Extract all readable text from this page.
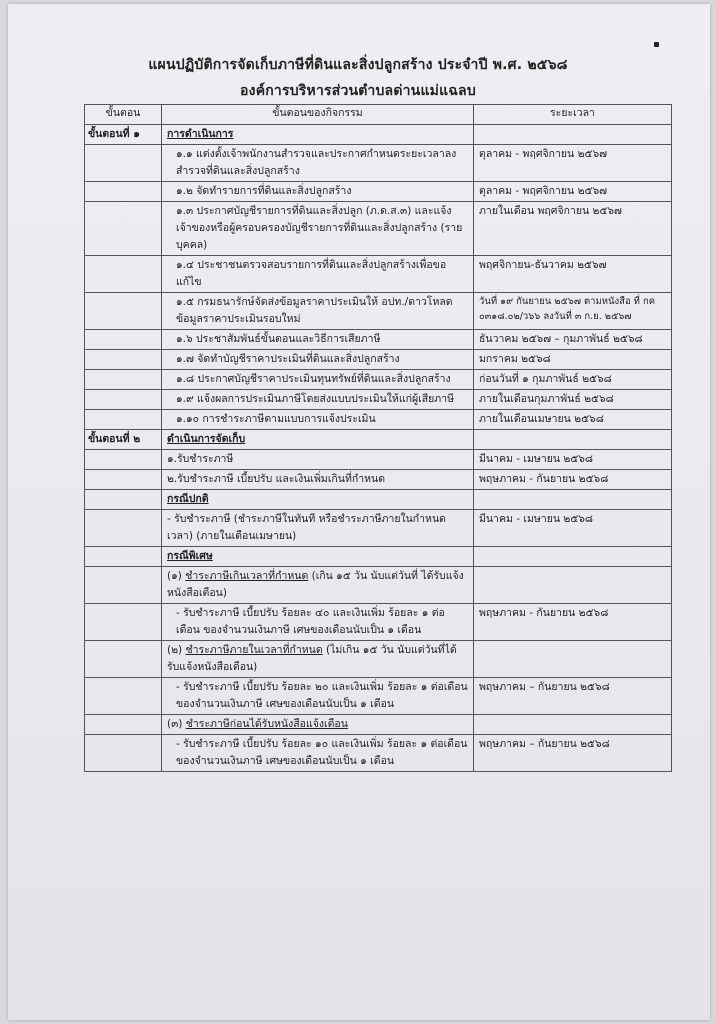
แผนปฏิบัติการจัดเก็บภาษีที่ดินและสิ่งปลูกสร้าง ประจำปี พ.ศ. ๒๕๖๘
องค์การบริหารส่วนตำบลด่านแม่แฉลบ
ขั้นตอน	ขั้นตอนของกิจกรรม	ระยะเวลา
ขั้นตอนที่ ๑	การดำเนินการ	
	๑.๑ แต่งตั้งเจ้าพนักงานสำรวจและประกาศกำหนดระยะเวลาลงสำรวจที่ดินและสิ่งปลูกสร้าง	ตุลาคม - พฤศจิกายน ๒๕๖๗
	๑.๒ จัดทำรายการที่ดินและสิ่งปลูกสร้าง	ตุลาคม - พฤศจิกายน ๒๕๖๗
	๑.๓ ประกาศบัญชีรายการที่ดินและสิ่งปลูก (ภ.ด.ส.๓) และแจ้งเจ้าของหรือผู้ครอบครองบัญชีรายการที่ดินและสิ่งปลูกสร้าง (รายบุคคล)	ภายในเดือน พฤศจิกายน ๒๕๖๗
	๑.๔ ประชาชนตรวจสอบรายการที่ดินและสิ่งปลูกสร้างเพื่อขอแก้ไข	พฤศจิกายน-ธันวาคม ๒๕๖๗
	๑.๕ กรมธนารักษ์จัดส่งข้อมูลราคาประเมินให้ อปท./ดาวโหลดข้อมูลราคาประเมินรอบใหม่	วันที่ ๑๙ กันยายน ๒๕๖๗ ตามหนังสือ ที่ กค ๐๓๑๘.๐๒/ว๖๖ ลงวันที่ ๓ ก.ย. ๒๕๖๗
	๑.๖ ประชาสัมพันธ์ขั้นตอนและวิธีการเสียภาษี	ธันวาคม ๒๕๖๗ – กุมภาพันธ์ ๒๕๖๘
	๑.๗ จัดทำบัญชีราคาประเมินที่ดินและสิ่งปลูกสร้าง	มกราคม ๒๕๖๘
	๑.๘ ประกาศบัญชีราคาประเมินทุนทรัพย์ที่ดินและสิ่งปลูกสร้าง	ก่อนวันที่ ๑ กุมภาพันธ์ ๒๕๖๘
	๑.๙ แจ้งผลการประเมินภาษีโดยส่งแบบประเมินให้แก่ผู้เสียภาษี	ภายในเดือนกุมภาพันธ์ ๒๕๖๘
	๑.๑๐ การชำระภาษีตามแบบการแจ้งประเมิน	ภายในเดือนเมษายน ๒๕๖๘
ขั้นตอนที่ ๒	ดำเนินการจัดเก็บ	
	๑.รับชำระภาษี	มีนาคม - เมษายน ๒๕๖๘
	๒.รับชำระภาษี เบี้ยปรับ และเงินเพิ่มเกินที่กำหนด	พฤษภาคม - กันยายน ๒๕๖๘
	กรณีปกติ	
	- รับชำระภาษี (ชำระภาษีในทันที หรือชำระภาษีภายในกำหนดเวลา) (ภายในเดือนเมษายน)	มีนาคม - เมษายน ๒๕๖๘
	กรณีพิเศษ	
	(๑) ชำระภาษีเกินเวลาที่กำหนด (เกิน ๑๕ วัน นับแต่วันที่ ได้รับแจ้งหนังสือเตือน)	
	- รับชำระภาษี เบี้ยปรับ ร้อยละ ๔๐ และเงินเพิ่ม ร้อยละ ๑ ต่อเดือน ของจำนวนเงินภาษี เศษของเดือนนับเป็น ๑ เดือน	พฤษภาคม - กันยายน ๒๕๖๘
	(๒) ชำระภาษีภายในเวลาที่กำหนด (ไม่เกิน ๑๕ วัน นับแต่วันที่ได้รับแจ้งหนังสือเตือน)	
	- รับชำระภาษี เบี้ยปรับ ร้อยละ ๒๐ และเงินเพิ่ม ร้อยละ ๑ ต่อเดือน ของจำนวนเงินภาษี เศษของเดือนนับเป็น ๑ เดือน	พฤษภาคม – กันยายน ๒๕๖๘
	(๓) ชำระภาษีก่อนได้รับหนังสือแจ้งเตือน	
	- รับชำระภาษี เบี้ยปรับ ร้อยละ ๑๐ และเงินเพิ่ม ร้อยละ ๑ ต่อเดือน ของจำนวนเงินภาษี เศษของเดือนนับเป็น ๑ เดือน	พฤษภาคม – กันยายน ๒๕๖๘
